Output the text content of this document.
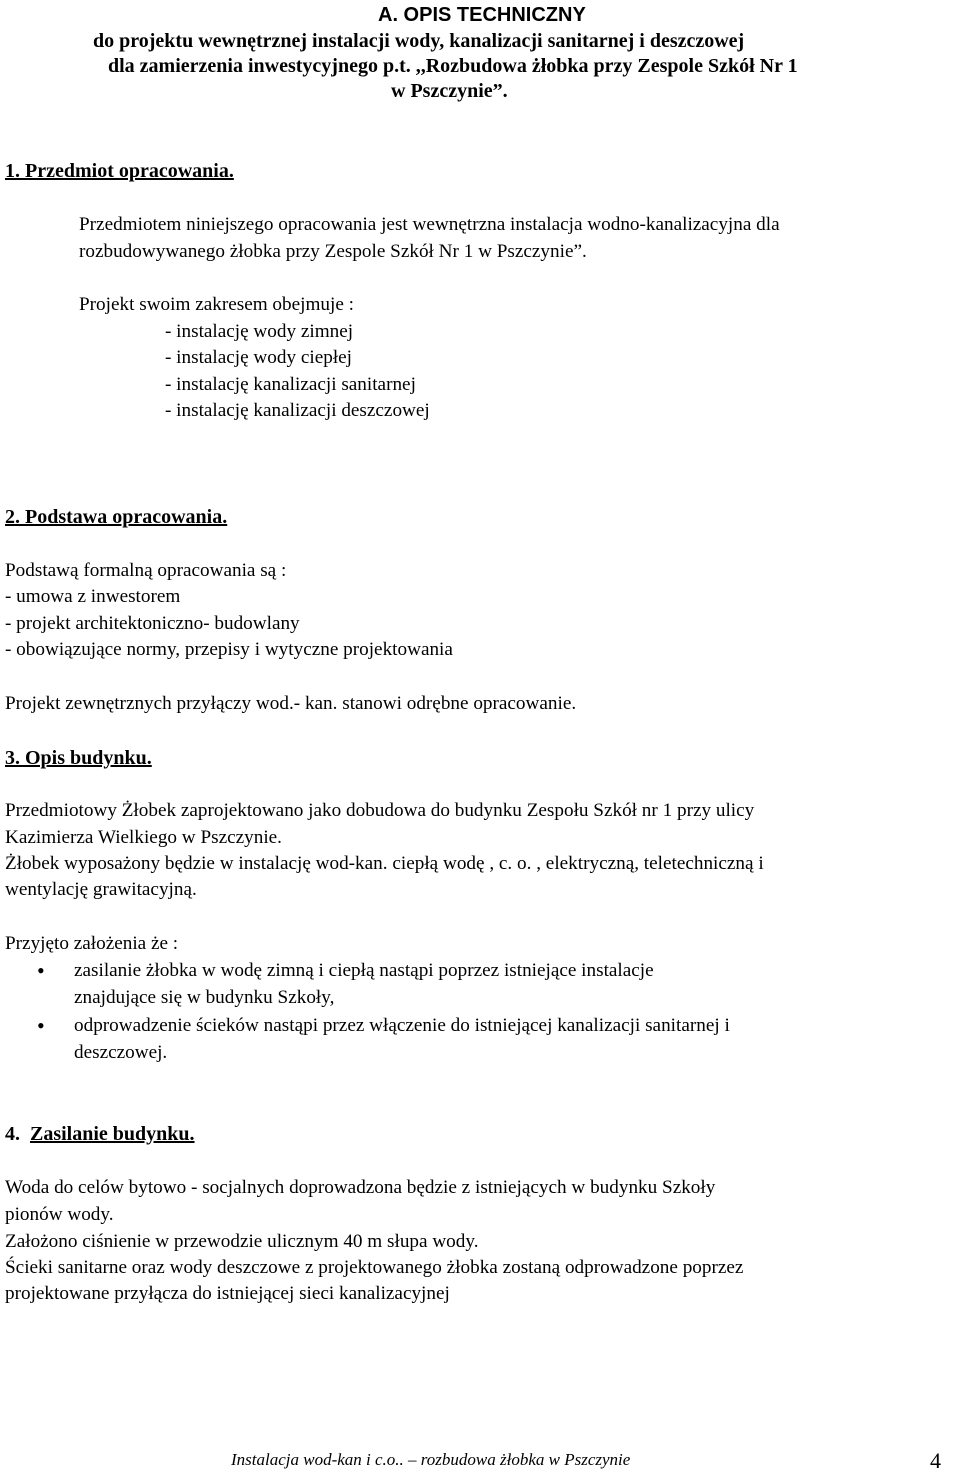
A. OPIS TECHNICZNY
do projektu wewnętrznej instalacji wody, kanalizacji sanitarnej i deszczowej
dla zamierzenia inwestycyjnego p.t. ,,Rozbudowa żłobka przy Zespole Szkół Nr 1
w Pszczynie”.
1. Przedmiot opracowania.
Przedmiotem niniejszego opracowania jest wewnętrzna instalacja wodno-kanalizacyjna dla
rozbudowywanego żłobka przy Zespole Szkół Nr 1 w Pszczynie”.
Projekt swoim zakresem obejmuje :
- instalację wody zimnej
- instalację wody ciepłej
- instalację kanalizacji sanitarnej
- instalację kanalizacji deszczowej
2. Podstawa opracowania.
Podstawą formalną opracowania są :
- umowa z inwestorem
- projekt architektoniczno- budowlany
- obowiązujące normy, przepisy i wytyczne projektowania
Projekt zewnętrznych przyłączy wod.- kan. stanowi odrębne opracowanie.
3. Opis budynku.
Przedmiotowy Żłobek zaprojektowano jako dobudowa do budynku Zespołu Szkół nr 1 przy ulicy
Kazimierza Wielkiego w Pszczynie.
Żłobek wyposażony będzie w instalację wod-kan. ciepłą wodę , c. o. , elektryczną, teletechniczną i
wentylację grawitacyjną.
Przyjęto założenia że :
• zasilanie żłobka w wodę zimną i ciepłą nastąpi poprzez istniejące instalacje
znajdujące się w budynku Szkoły,
• odprowadzenie ścieków nastąpi przez włączenie do istniejącej kanalizacji sanitarnej i
deszczowej.
4. Zasilanie budynku.
Woda do celów bytowo - socjalnych doprowadzona będzie z istniejących w budynku Szkoły
pionów wody.
Założono ciśnienie w przewodzie ulicznym 40 m słupa wody.
Ścieki sanitarne oraz wody deszczowe z projektowanego żłobka zostaną odprowadzone poprzez
projektowane przyłącza do istniejącej sieci kanalizacyjnej
Instalacja wod-kan i c.o.. – rozbudowa żłobka w Pszczynie	4
